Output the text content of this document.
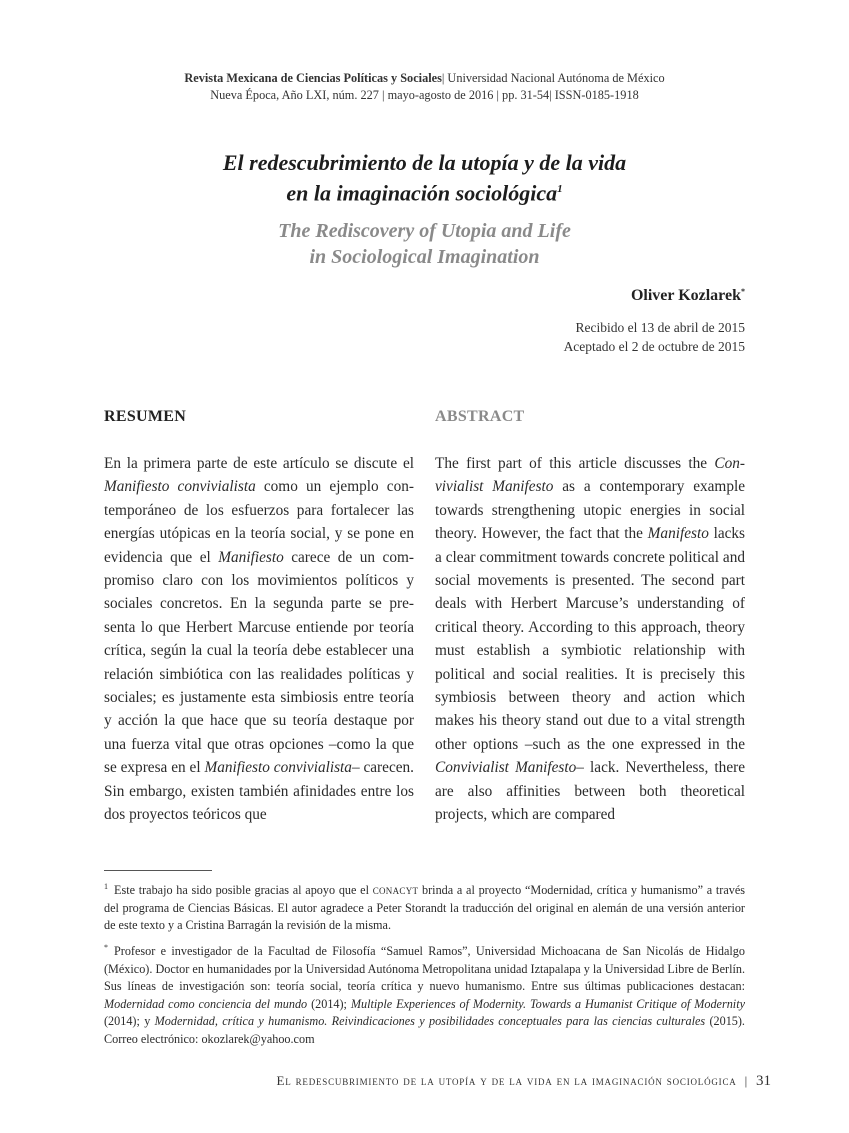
Revista Mexicana de Ciencias Políticas y Sociales| Universidad Nacional Autónoma de México
Nueva Época, Año LXI, núm. 227 | mayo-agosto de 2016 | pp. 31-54| ISSN-0185-1918
El redescubrimiento de la utopía y de la vida
en la imaginación sociológica$^1$
The Rediscovery of Utopia and Life
in Sociological Imagination
Oliver Kozlarek*
Recibido el 13 de abril de 2015
Aceptado el 2 de octubre de 2015
RESUMEN

En la primera parte de este artículo se discute el Manifiesto convivialista como un ejemplo contemporáneo de los esfuerzos para fortalecer las energías utópicas en la teoría social, y se pone en evidencia que el Manifiesto carece de un compromiso claro con los movimientos políticos y sociales concretos. En la segunda parte se presenta lo que Herbert Marcuse entiende por teoría crítica, según la cual la teoría debe establecer una relación simbiótica con las realidades políticas y sociales; es justamente esta simbiosis entre teoría y acción la que hace que su teoría destaque por una fuerza vital que otras opciones –como la que se expresa en el Manifiesto convivialista– carecen. Sin embargo, existen también afinidades entre los dos proyectos teóricos que

ABSTRACT

The first part of this article discusses the Convivialist Manifesto as a contemporary example towards strengthening utopic energies in social theory. However, the fact that the Manifesto lacks a clear commitment towards concrete political and social movements is presented. The second part deals with Herbert Marcuse’s understanding of critical theory. According to this approach, theory must establish a symbiotic relationship with political and social realities. It is precisely this symbiosis between theory and action which makes his theory stand out due to a vital strength other options –such as the one expressed in the Convivialist Manifesto– lack. Nevertheless, there are also affinities between both theoretical projects, which are compared

$^1$ Este trabajo ha sido posible gracias al apoyo que el conacyt brinda a al proyecto “Modernidad, crítica y humanismo” a través del programa de Ciencias Básicas. El autor agradece a Peter Storandt la traducción del original en alemán de una versión anterior de este texto y a Cristina Barragán la revisión de la misma.

* Profesor e investigador de la Facultad de Filosofía “Samuel Ramos”, Universidad Michoacana de San Nicolás de Hidalgo (México). Doctor en humanidades por la Universidad Autónoma Metropolitana unidad Iztapalapa y la Universidad Libre de Berlín. Sus líneas de investigación son: teoría social, teoría crítica y nuevo humanismo. Entre sus últimas publicaciones destacan: Modernidad como conciencia del mundo (2014); Multiple Experiences of Modernity. Towards a Humanist Critique of Modernity (2014); y Modernidad, crítica y humanismo. Reivindicaciones y posibilidades conceptuales para las ciencias culturales (2015). Correo electrónico: okozlarek@yahoo.com

El redescubrimiento de la utopía y de la vida en la imaginación sociológica | 31
